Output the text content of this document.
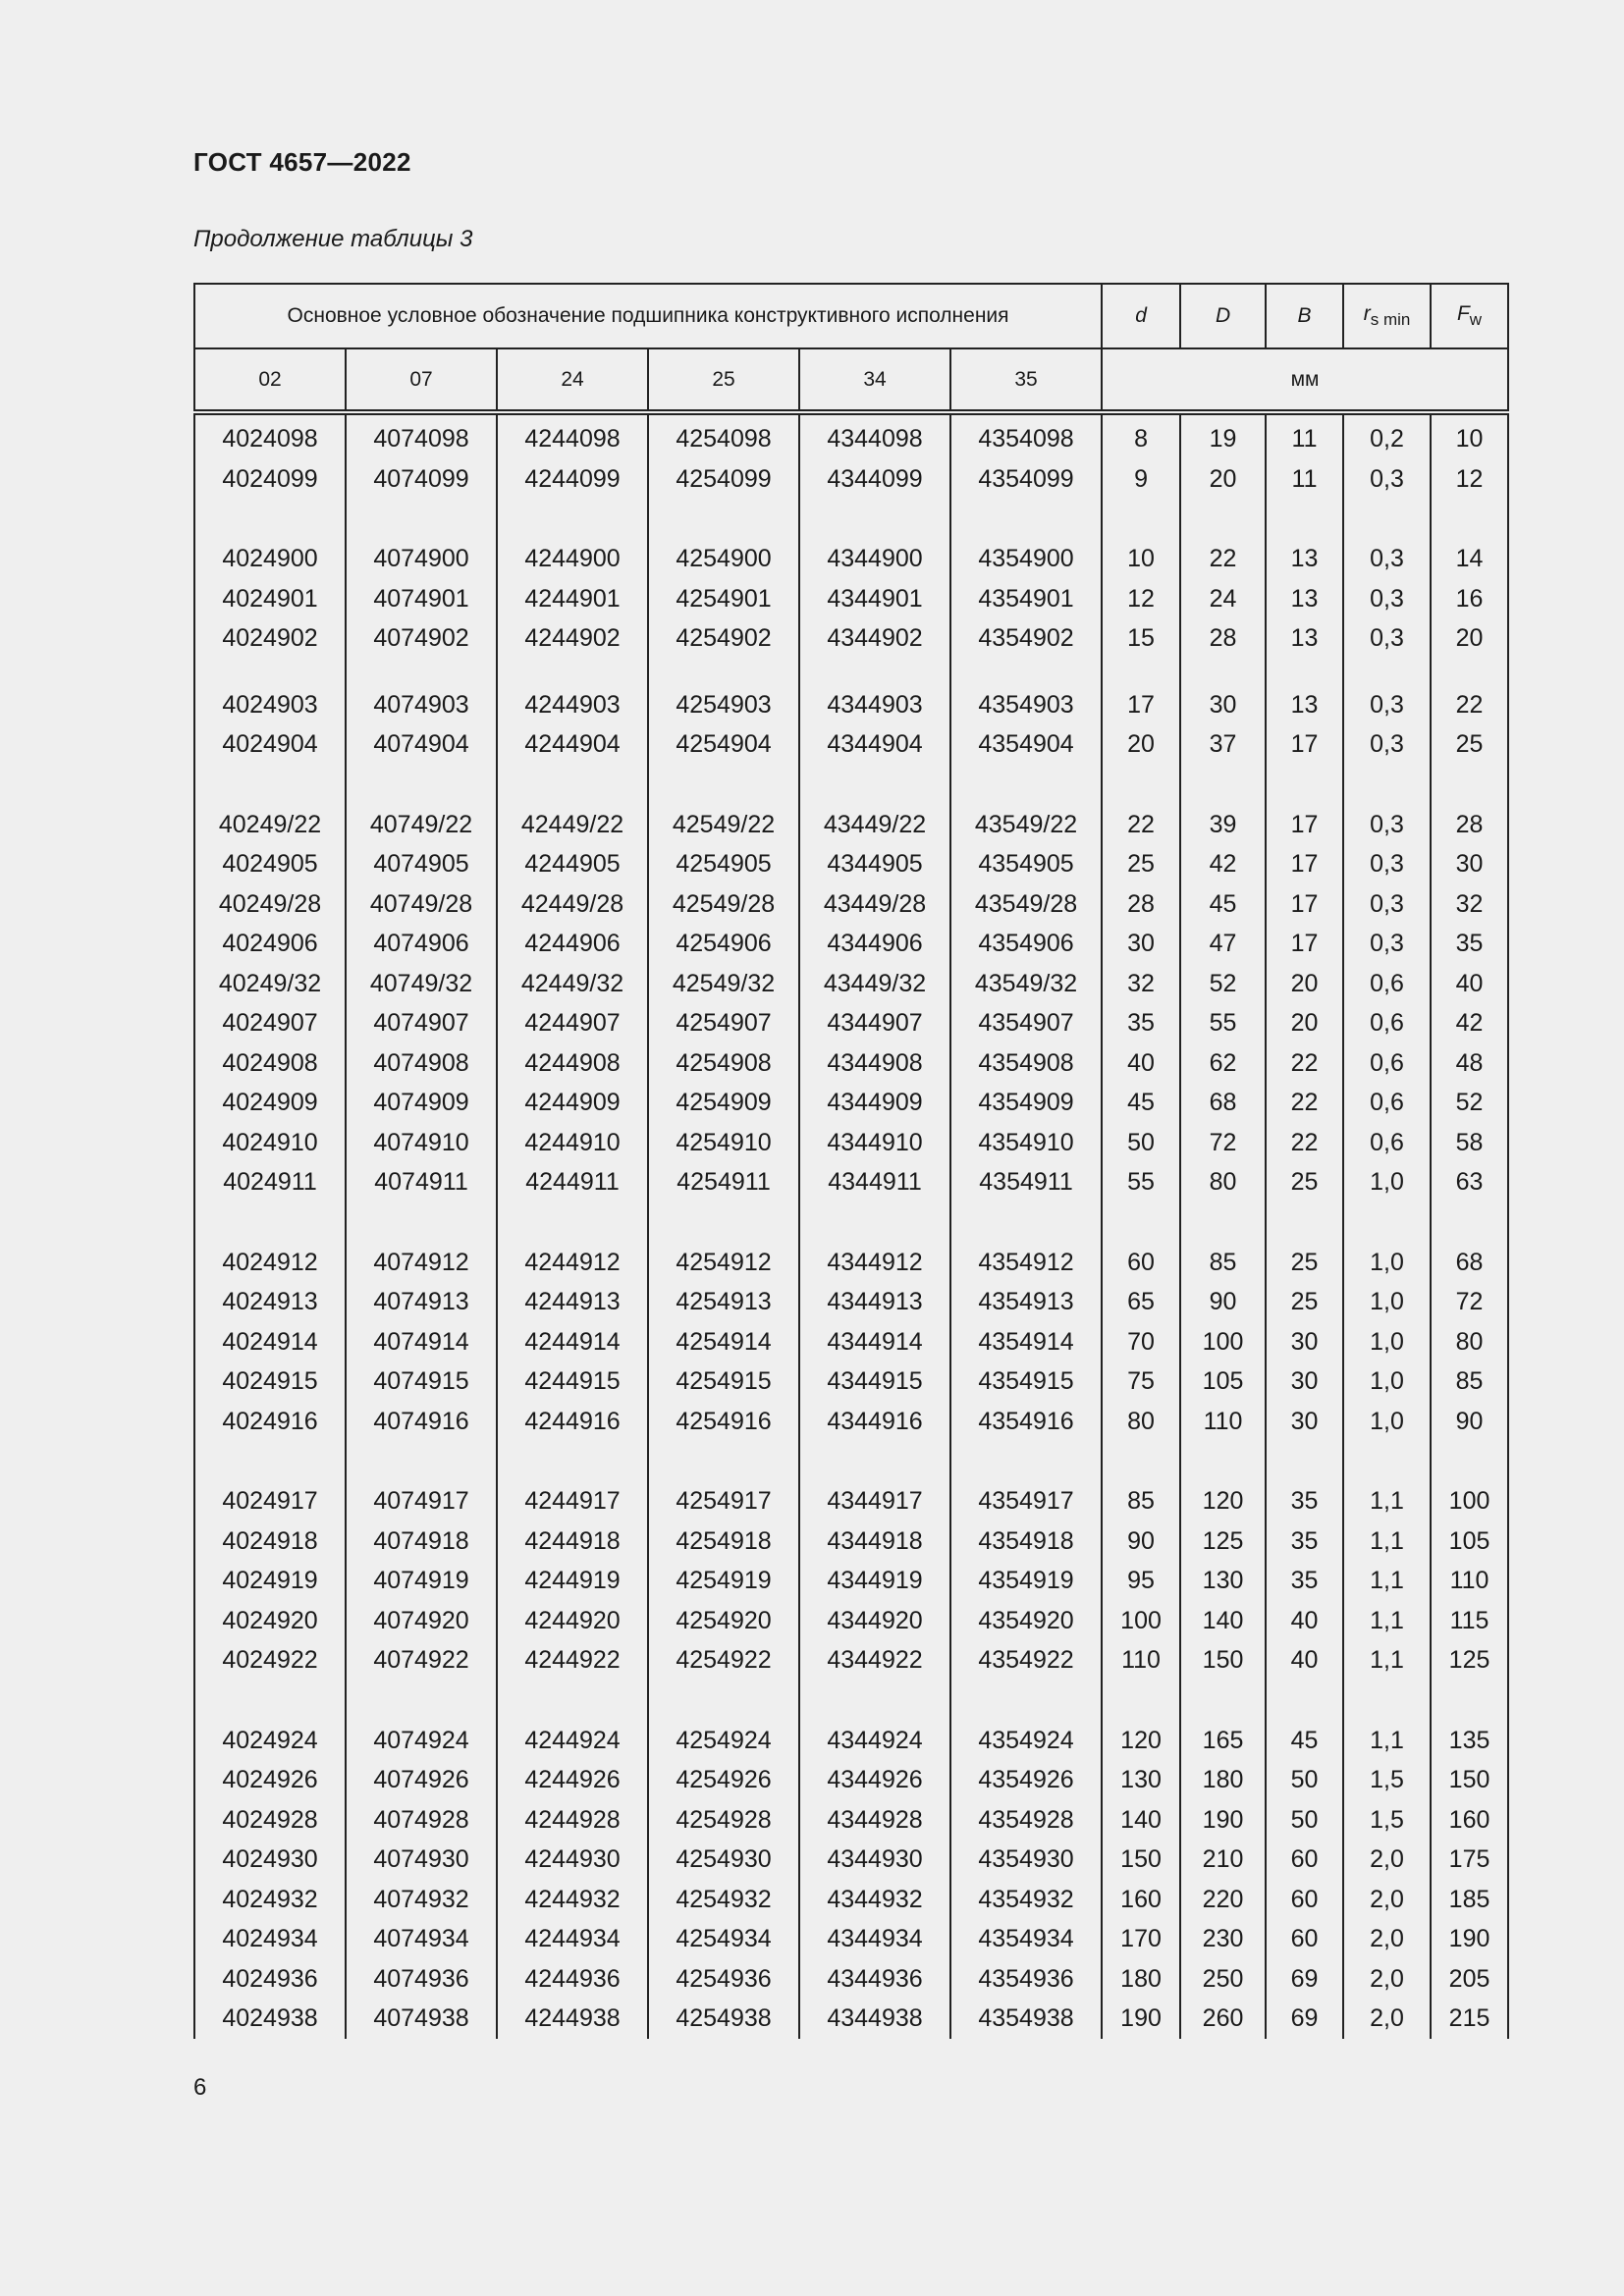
ГОСТ 4657—2022
Продолжение таблицы 3
Основное условное обозначение подшипника конструктивного исполнения						d	D	B	$r_{s min}$	$F_w$
02	07	24	25	34	35	мм				
4024098	4074098	4244098	4254098	4344098	4354098	8	19	11	0,2	10
4024099	4074099	4244099	4254099	4344099	4354099	9	20	11	0,3	12

4024900	4074900	4244900	4254900	4344900	4354900	10	22	13	0,3	14
4024901	4074901	4244901	4254901	4344901	4354901	12	24	13	0,3	16
4024902	4074902	4244902	4254902	4344902	4354902	15	28	13	0,3	20

4024903	4074903	4244903	4254903	4344903	4354903	17	30	13	0,3	22
4024904	4074904	4244904	4254904	4344904	4354904	20	37	17	0,3	25

40249/22	40749/22	42449/22	42549/22	43449/22	43549/22	22	39	17	0,3	28
4024905	4074905	4244905	4254905	4344905	4354905	25	42	17	0,3	30
40249/28	40749/28	42449/28	42549/28	43449/28	43549/28	28	45	17	0,3	32
4024906	4074906	4244906	4254906	4344906	4354906	30	47	17	0,3	35
40249/32	40749/32	42449/32	42549/32	43449/32	43549/32	32	52	20	0,6	40
4024907	4074907	4244907	4254907	4344907	4354907	35	55	20	0,6	42
4024908	4074908	4244908	4254908	4344908	4354908	40	62	22	0,6	48
4024909	4074909	4244909	4254909	4344909	4354909	45	68	22	0,6	52
4024910	4074910	4244910	4254910	4344910	4354910	50	72	22	0,6	58
4024911	4074911	4244911	4254911	4344911	4354911	55	80	25	1,0	63

4024912	4074912	4244912	4254912	4344912	4354912	60	85	25	1,0	68
4024913	4074913	4244913	4254913	4344913	4354913	65	90	25	1,0	72
4024914	4074914	4244914	4254914	4344914	4354914	70	100	30	1,0	80
4024915	4074915	4244915	4254915	4344915	4354915	75	105	30	1,0	85
4024916	4074916	4244916	4254916	4344916	4354916	80	110	30	1,0	90

4024917	4074917	4244917	4254917	4344917	4354917	85	120	35	1,1	100
4024918	4074918	4244918	4254918	4344918	4354918	90	125	35	1,1	105
4024919	4074919	4244919	4254919	4344919	4354919	95	130	35	1,1	110
4024920	4074920	4244920	4254920	4344920	4354920	100	140	40	1,1	115
4024922	4074922	4244922	4254922	4344922	4354922	110	150	40	1,1	125

4024924	4074924	4244924	4254924	4344924	4354924	120	165	45	1,1	135
4024926	4074926	4244926	4254926	4344926	4354926	130	180	50	1,5	150
4024928	4074928	4244928	4254928	4344928	4354928	140	190	50	1,5	160
4024930	4074930	4244930	4254930	4344930	4354930	150	210	60	2,0	175
4024932	4074932	4244932	4254932	4344932	4354932	160	220	60	2,0	185
4024934	4074934	4244934	4254934	4344934	4354934	170	230	60	2,0	190
4024936	4074936	4244936	4254936	4344936	4354936	180	250	69	2,0	205
4024938	4074938	4244938	4254938	4344938	4354938	190	260	69	2,0	215
6
